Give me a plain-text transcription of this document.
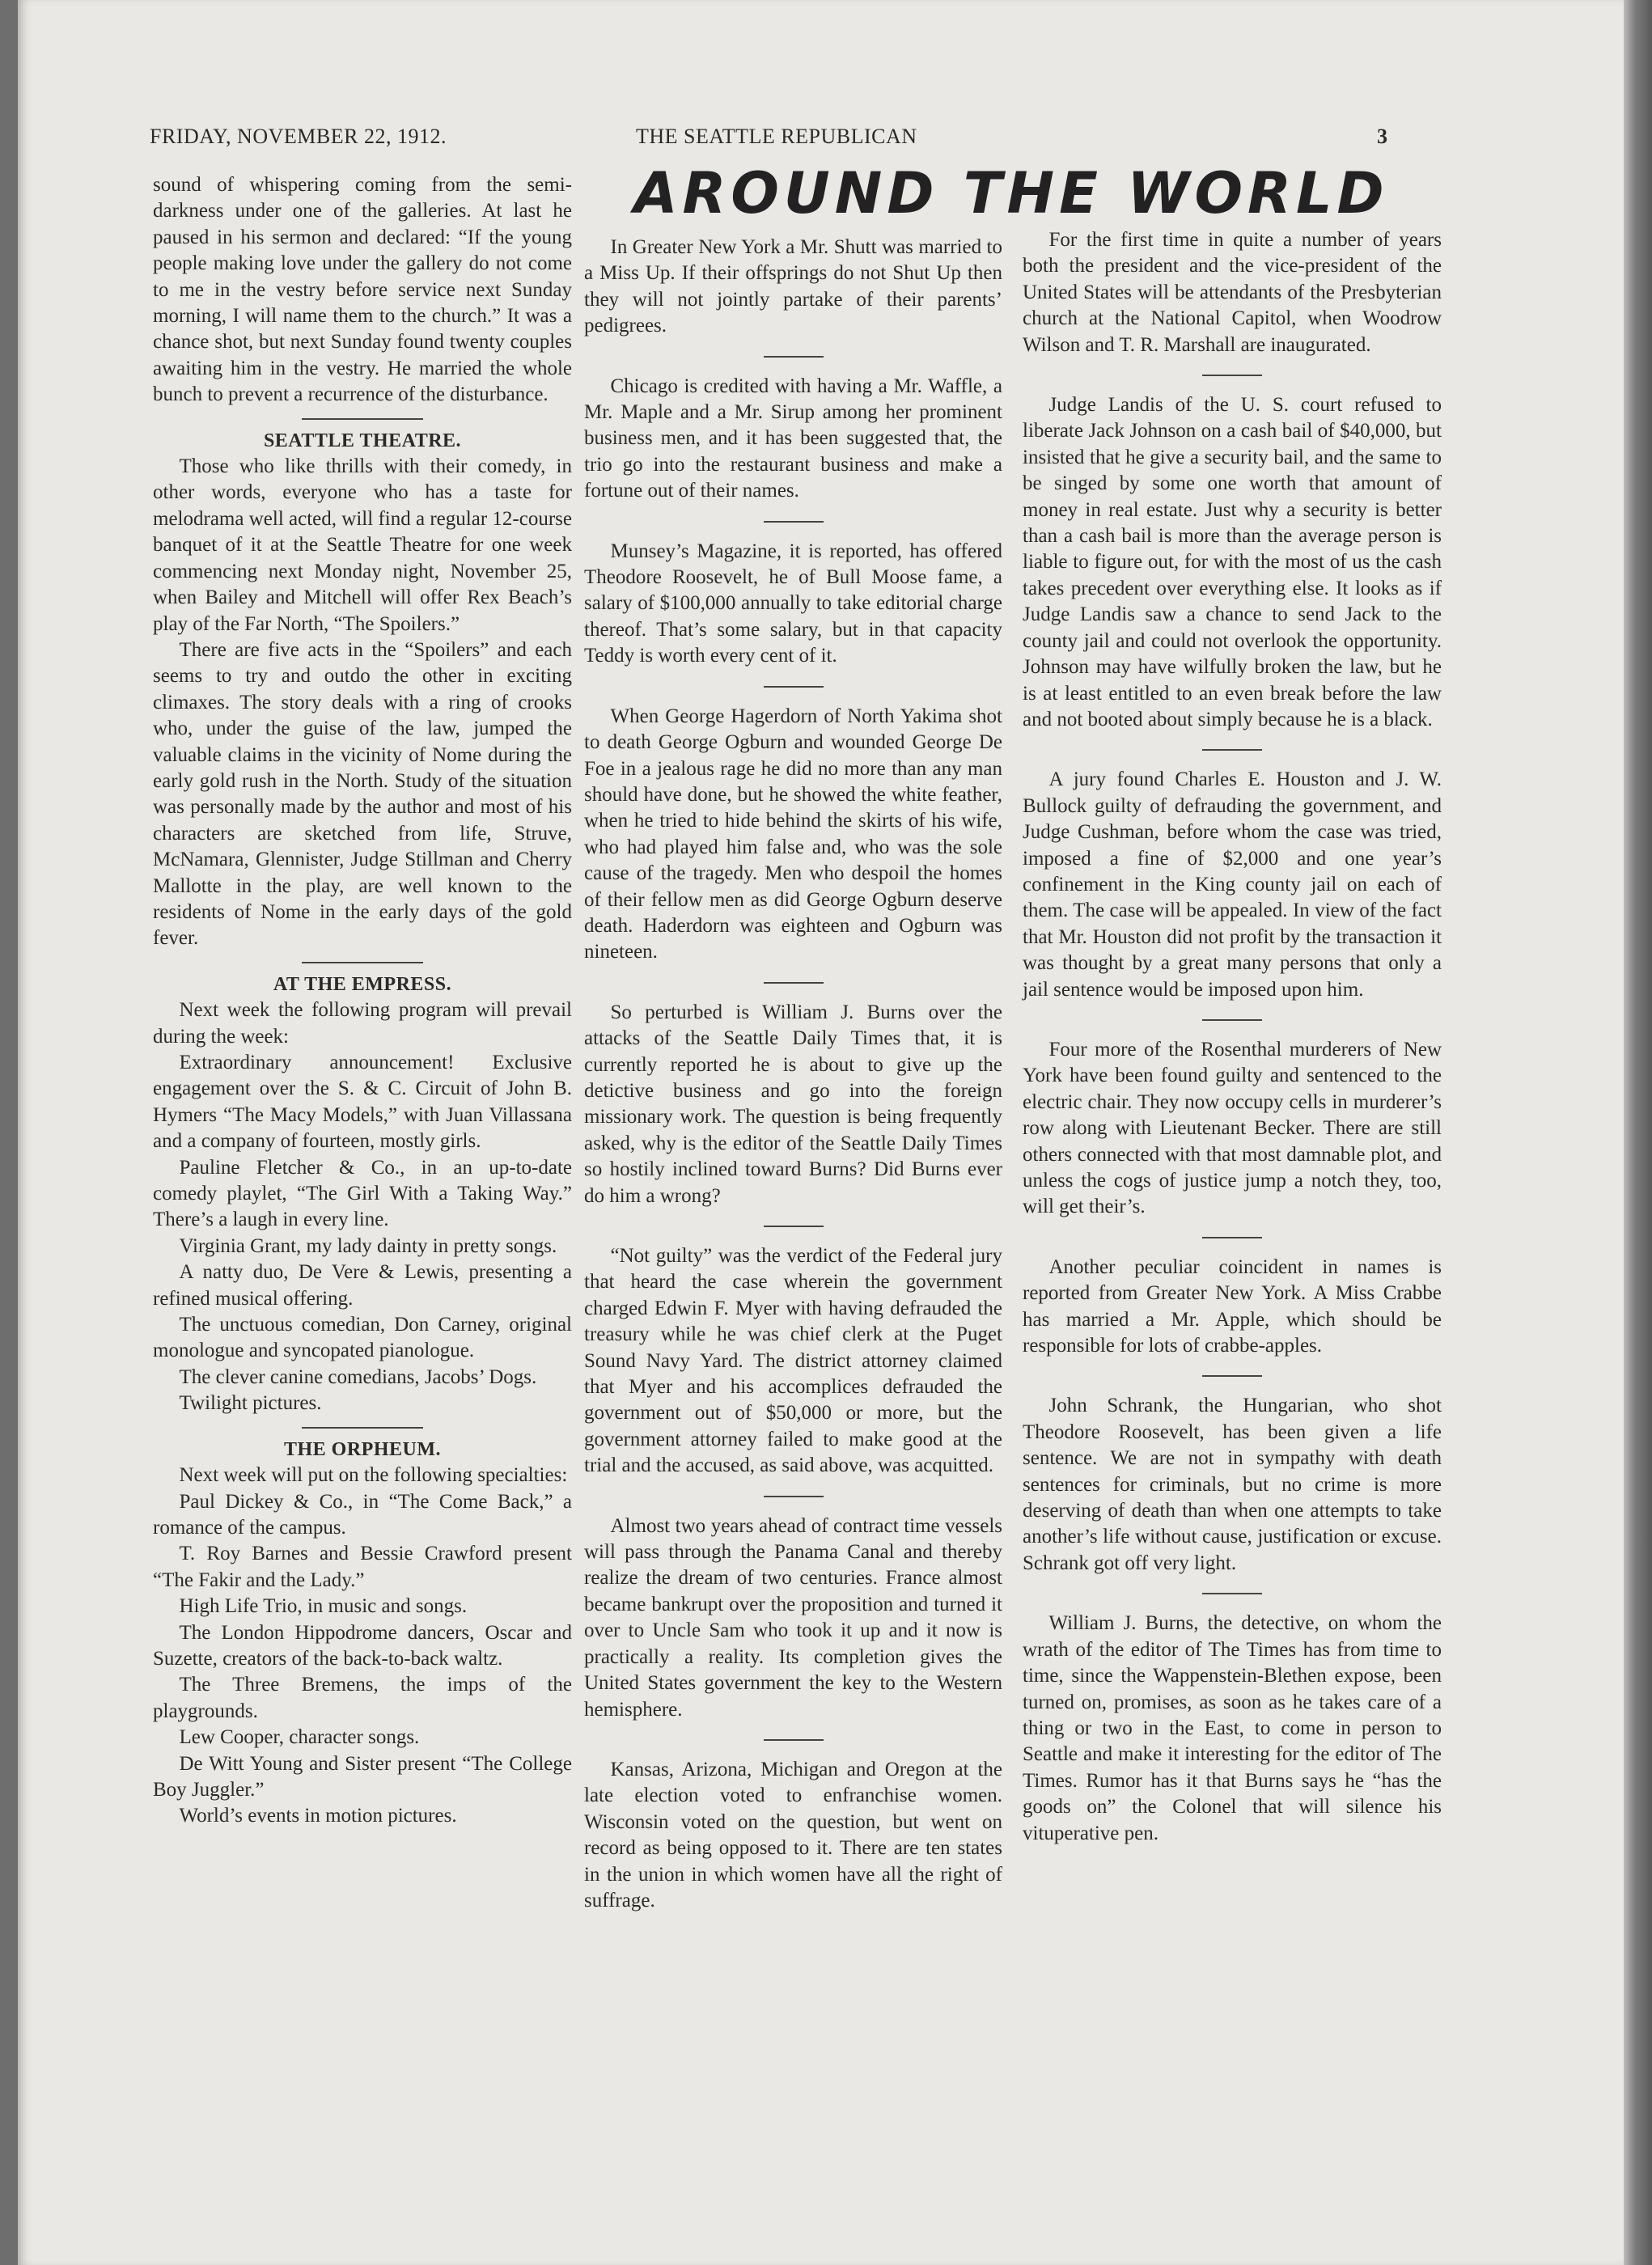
FRIDAY, NOVEMBER 22, 1912.	THE SEATTLE REPUBLICAN	3
AROUND THE WORLD

sound of whispering coming from the semi-darkness under one of the galleries. At last he paused in his sermon and declared: “If the young people making love under the gallery do not come to me in the vestry before service next Sunday morning, I will name them to the church.” It was a chance shot, but next Sunday found twenty couples awaiting him in the vestry. He married the whole bunch to prevent a recurrence of the disturbance.

SEATTLE THEATRE.

Those who like thrills with their comedy, in other words, everyone who has a taste for melodrama well acted, will find a regular 12-course banquet of it at the Seattle Theatre for one week commencing next Monday night, November 25, when Bailey and Mitchell will offer Rex Beach’s play of the Far North, “The Spoilers.”

There are five acts in the “Spoilers” and each seems to try and outdo the other in exciting climaxes. The story deals with a ring of crooks who, under the guise of the law, jumped the valuable claims in the vicinity of Nome during the early gold rush in the North. Study of the situation was personally made by the author and most of his characters are sketched from life, Struve, McNamara, Glennister, Judge Stillman and Cherry Mallotte in the play, are well known to the residents of Nome in the early days of the gold fever.

AT THE EMPRESS.

Next week the following program will prevail during the week:

Extraordinary announcement! Exclusive engagement over the S. & C. Circuit of John B. Hymers “The Macy Models,” with Juan Villassana and a company of fourteen, mostly girls.

Pauline Fletcher & Co., in an up-to-date comedy playlet, “The Girl With a Taking Way.” There’s a laugh in every line.

Virginia Grant, my lady dainty in pretty songs.

A natty duo, De Vere & Lewis, presenting a refined musical offering.

The unctuous comedian, Don Carney, original monologue and syncopated pianologue.

The clever canine comedians, Jacobs’ Dogs.

Twilight pictures.

THE ORPHEUM.

Next week will put on the following specialties:

Paul Dickey & Co., in “The Come Back,” a romance of the campus.

T. Roy Barnes and Bessie Crawford present “The Fakir and the Lady.”

High Life Trio, in music and songs.

The London Hippodrome dancers, Oscar and Suzette, creators of the back-to-back waltz.

The Three Bremens, the imps of the playgrounds.

Lew Cooper, character songs.

De Witt Young and Sister present “The College Boy Juggler.”

World’s events in motion pictures.

In Greater New York a Mr. Shutt was married to a Miss Up. If their offsprings do not Shut Up then they will not jointly partake of their parents’ pedigrees.

Chicago is credited with having a Mr. Waffle, a Mr. Maple and a Mr. Sirup among her prominent business men, and it has been suggested that, the trio go into the restaurant business and make a fortune out of their names.

Munsey’s Magazine, it is reported, has offered Theodore Roosevelt, he of Bull Moose fame, a salary of $100,000 annually to take editorial charge thereof. That’s some salary, but in that capacity Teddy is worth every cent of it.

When George Hagerdorn of North Yakima shot to death George Ogburn and wounded George De Foe in a jealous rage he did no more than any man should have done, but he showed the white feather, when he tried to hide behind the skirts of his wife, who had played him false and, who was the sole cause of the tragedy. Men who despoil the homes of their fellow men as did George Ogburn deserve death. Haderdorn was eighteen and Ogburn was nineteen.

So perturbed is William J. Burns over the attacks of the Seattle Daily Times that, it is currently reported he is about to give up the detictive business and go into the foreign missionary work. The question is being frequently asked, why is the editor of the Seattle Daily Times so hostily inclined toward Burns? Did Burns ever do him a wrong?

“Not guilty” was the verdict of the Federal jury that heard the case wherein the government charged Edwin F. Myer with having defrauded the treasury while he was chief clerk at the Puget Sound Navy Yard. The district attorney claimed that Myer and his accomplices defrauded the government out of $50,000 or more, but the government attorney failed to make good at the trial and the accused, as said above, was acquitted.

Almost two years ahead of contract time vessels will pass through the Panama Canal and thereby realize the dream of two centuries. France almost became bankrupt over the proposition and turned it over to Uncle Sam who took it up and it now is practically a reality. Its completion gives the United States government the key to the Western hemisphere.

Kansas, Arizona, Michigan and Oregon at the late election voted to enfranchise women. Wisconsin voted on the question, but went on record as being opposed to it. There are ten states in the union in which women have all the right of suffrage.

For the first time in quite a number of years both the president and the vice-president of the United States will be attendants of the Presbyterian church at the National Capitol, when Woodrow Wilson and T. R. Marshall are inaugurated.

Judge Landis of the U. S. court refused to liberate Jack Johnson on a cash bail of $40,000, but insisted that he give a security bail, and the same to be singed by some one worth that amount of money in real estate. Just why a security is better than a cash bail is more than the average person is liable to figure out, for with the most of us the cash takes precedent over everything else. It looks as if Judge Landis saw a chance to send Jack to the county jail and could not overlook the opportunity. Johnson may have wilfully broken the law, but he is at least entitled to an even break before the law and not booted about simply because he is a black.

A jury found Charles E. Houston and J. W. Bullock guilty of defrauding the government, and Judge Cushman, before whom the case was tried, imposed a fine of $2,000 and one year’s confinement in the King county jail on each of them. The case will be appealed. In view of the fact that Mr. Houston did not profit by the transaction it was thought by a great many persons that only a jail sentence would be imposed upon him.

Four more of the Rosenthal murderers of New York have been found guilty and sentenced to the electric chair. They now occupy cells in murderer’s row along with Lieutenant Becker. There are still others connected with that most damnable plot, and unless the cogs of justice jump a notch they, too, will get their’s.

Another peculiar coincident in names is reported from Greater New York. A Miss Crabbe has married a Mr. Apple, which should be responsible for lots of crabbe-apples.

John Schrank, the Hungarian, who shot Theodore Roosevelt, has been given a life sentence. We are not in sympathy with death sentences for criminals, but no crime is more deserving of death than when one attempts to take another’s life without cause, justification or excuse. Schrank got off very light.

William J. Burns, the detective, on whom the wrath of the editor of The Times has from time to time, since the Wappenstein-Blethen expose, been turned on, promises, as soon as he takes care of a thing or two in the East, to come in person to Seattle and make it interesting for the editor of The Times. Rumor has it that Burns says he “has the goods on” the Colonel that will silence his vituperative pen.
